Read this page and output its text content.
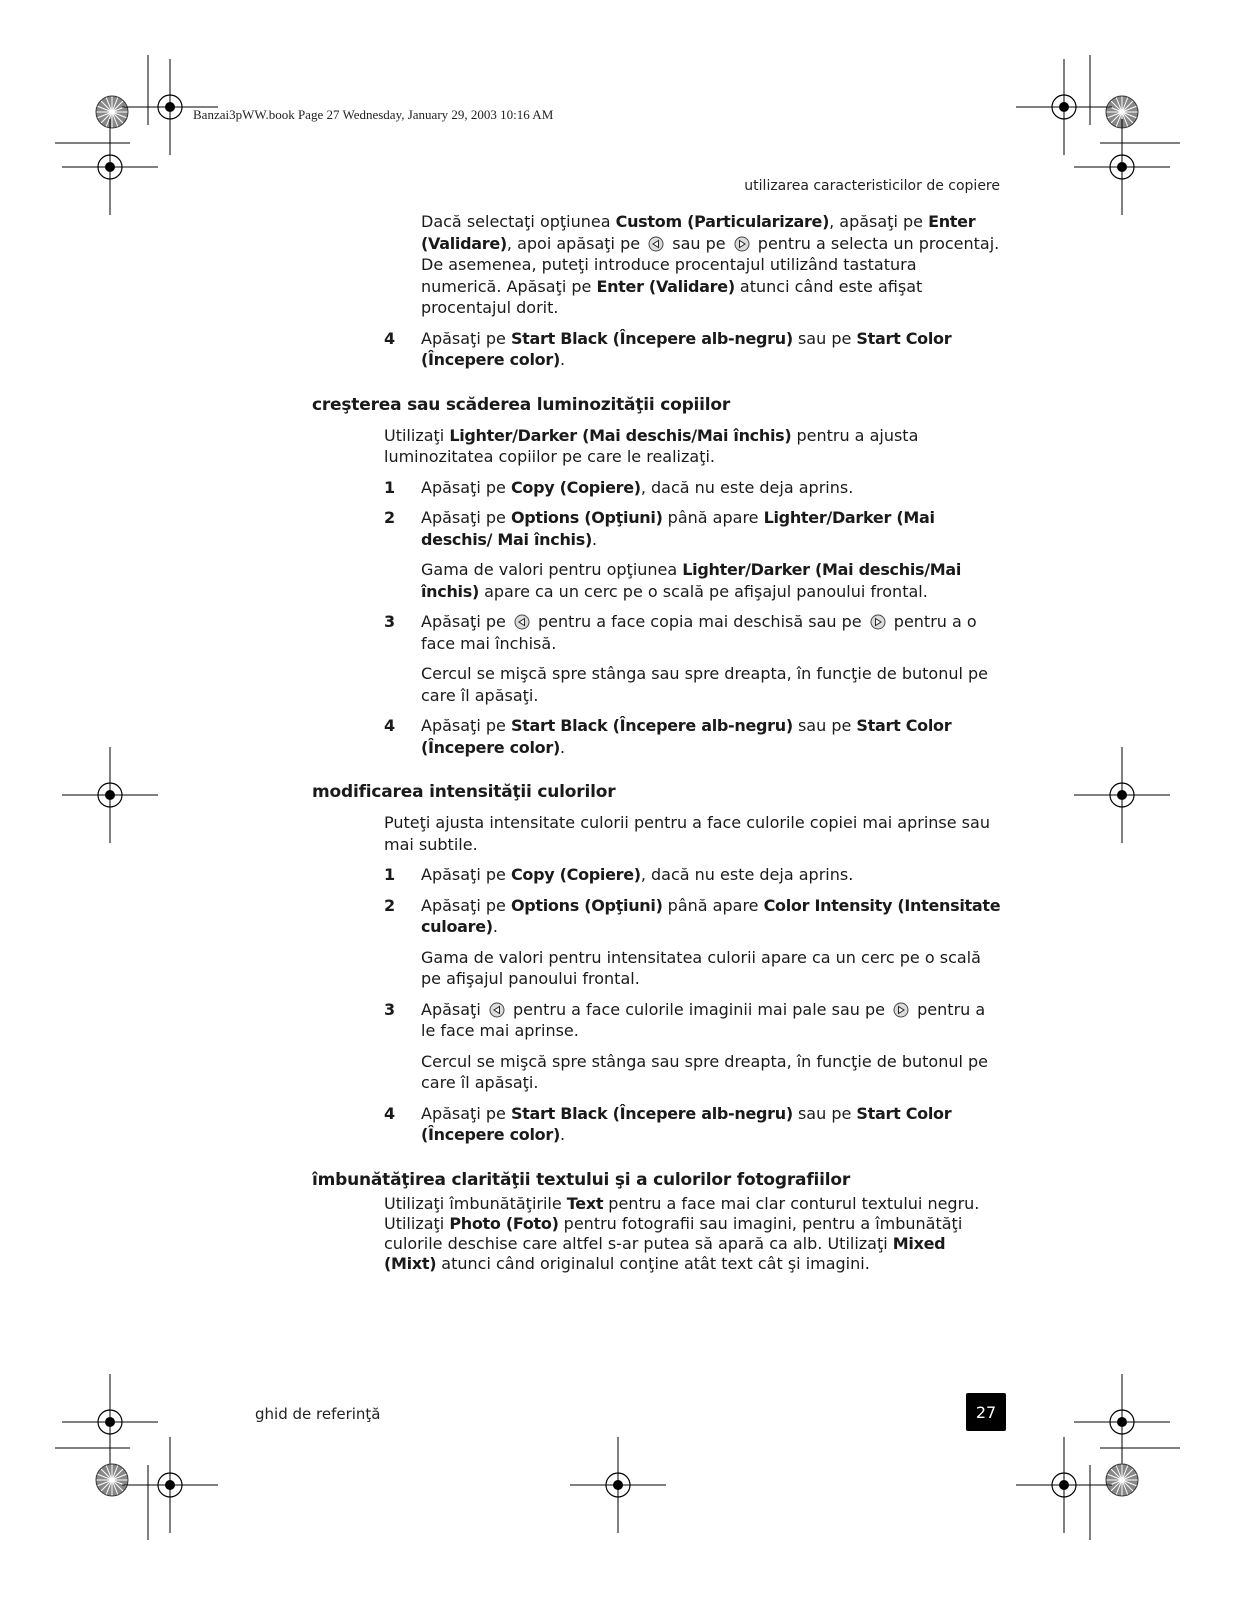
Banzai3pWW.book Page 27 Wednesday, January 29, 2003 10:16 AM
utilizarea caracteristicilor de copiere

Dacă selectaţi opţiunea Custom (Particularizare), apăsaţi pe Enter (Validare), apoi apăsaţi pe  sau pe  pentru a selecta un procentaj. De asemenea, puteţi introduce procentajul utilizând tastatura numerică. Apăsaţi pe Enter (Validare) atunci când este afişat procentajul dorit.

4	Apăsaţi pe Start Black (Începere alb-negru) sau pe Start Color (Începere color).
creşterea sau scăderea luminozităţii copiilor

Utilizaţi Lighter/Darker (Mai deschis/Mai închis) pentru a ajusta luminozitatea copiilor pe care le realizaţi.

1	Apăsaţi pe Copy (Copiere), dacă nu este deja aprins.
2	Apăsaţi pe Options (Opţiuni) până apare Lighter/Darker (Mai deschis/ Mai închis).

Gama de valori pentru opţiunea Lighter/Darker (Mai deschis/Mai închis) apare ca un cerc pe o scală pe afişajul panoului frontal.

3	Apăsaţi pe  pentru a face copia mai deschisă sau pe  pentru a o face mai închisă.

Cercul se mişcă spre stânga sau spre dreapta, în funcţie de butonul pe care îl apăsaţi.

4	Apăsaţi pe Start Black (Începere alb-negru) sau pe Start Color (Începere color).
modificarea intensităţii culorilor

Puteţi ajusta intensitate culorii pentru a face culorile copiei mai aprinse sau mai subtile.

1	Apăsaţi pe Copy (Copiere), dacă nu este deja aprins.
2	Apăsaţi pe Options (Opţiuni) până apare Color Intensity (Intensitate culoare).

Gama de valori pentru intensitatea culorii apare ca un cerc pe o scală pe afişajul panoului frontal.

3	Apăsaţi  pentru a face culorile imaginii mai pale sau pe  pentru a le face mai aprinse.

Cercul se mişcă spre stânga sau spre dreapta, în funcţie de butonul pe care îl apăsaţi.

4	Apăsaţi pe Start Black (Începere alb-negru) sau pe Start Color (Începere color).
îmbunătăţirea clarităţii textului şi a culorilor fotografiilor

Utilizaţi îmbunătăţirile Text pentru a face mai clar conturul textului negru. Utilizaţi Photo (Foto) pentru fotografii sau imagini, pentru a îmbunătăţi culorile deschise care altfel s-ar putea să apară ca alb. Utilizaţi Mixed (Mixt) atunci când originalul conţine atât text cât şi imagini.

ghid de referinţă	27
